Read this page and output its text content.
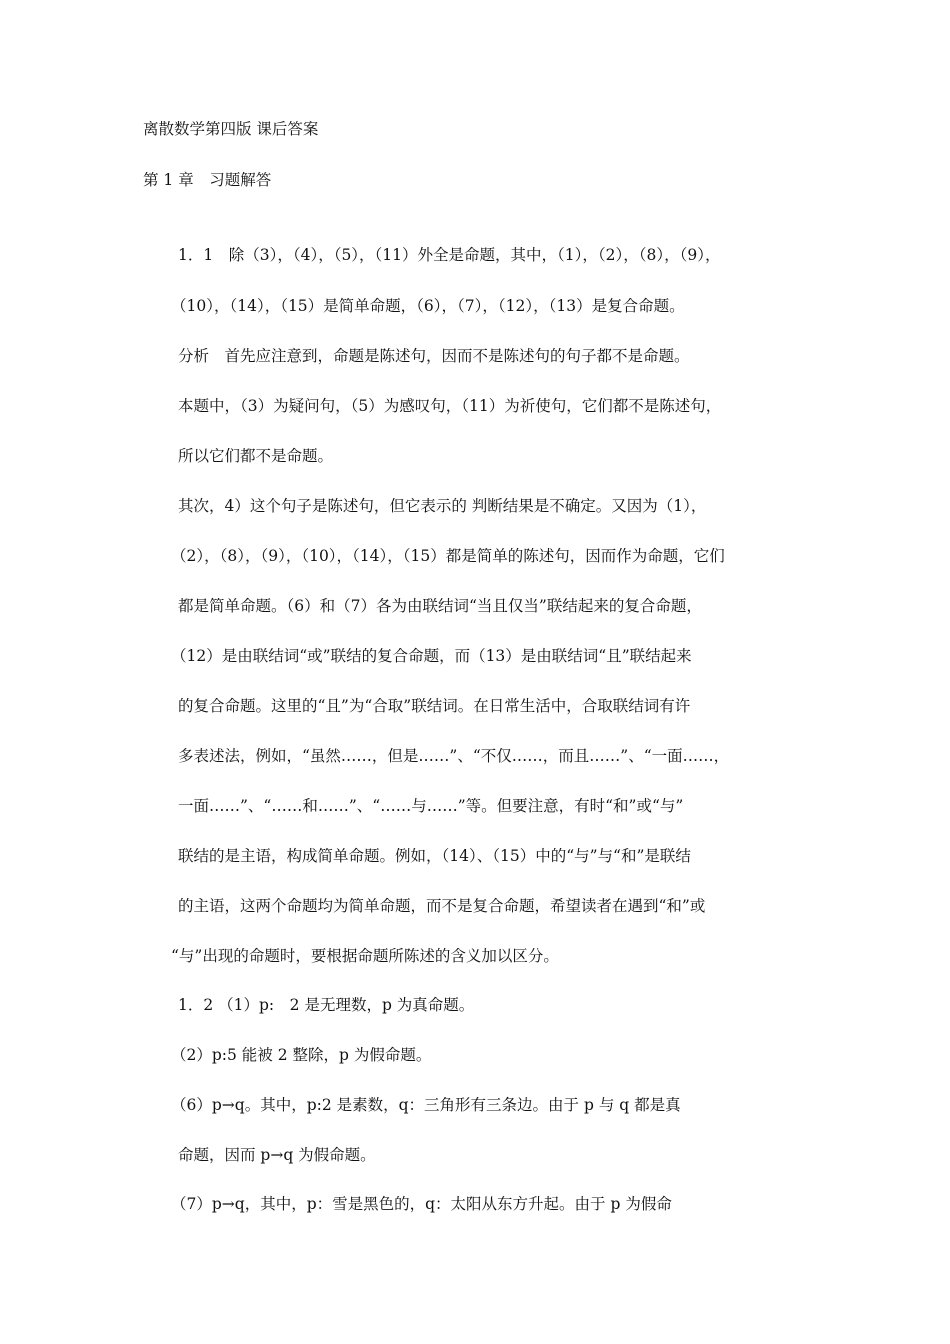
离散数学第四版 课后答案
第 1 章　习题解答
1．1　除（3），（4），（5），（11）外全是命题，其中，（1），（2），（8），（9），
（10），（14），（15）是简单命题，（6），（7），（12），（13）是复合命题。
分析　首先应注意到，命题是陈述句，因而不是陈述句的句子都不是命题。
本题中，（3）为疑问句，（5）为感叹句，（11）为祈使句，它们都不是陈述句，
所以它们都不是命题。
其次，4）这个句子是陈述句，但它表示的 判断结果是不确定。又因为（1），
（2），（8），（9），（10），（14），（15）都是简单的陈述句，因而作为命题，它们
都是简单命题。（6）和（7）各为由联结词“当且仅当”联结起来的复合命题，
（12）是由联结词“或”联结的复合命题，而（13）是由联结词“且”联结起来
的复合命题。这里的“且”为“合取”联结词。在日常生活中，合取联结词有许
多表述法，例如，“虽然……，但是……”、“不仅……，而且……”、“一面……，
一面……”、“……和……”、“……与……”等。但要注意，有时“和”或“与”
联结的是主语，构成简单命题。例如，（14）、（15）中的“与”与“和”是联结
的主语，这两个命题均为简单命题，而不是复合命题，希望读者在遇到“和”或
“与”出现的命题时，要根据命题所陈述的含义加以区分。
1．2 （1）p:　2 是无理数，p 为真命题。
（2）p:5 能被 2 整除，p 为假命题。
（6）p→q。其中，p:2 是素数，q：三角形有三条边。由于 p 与 q 都是真
命题，因而 p→q 为假命题。
（7）p→q，其中，p：雪是黑色的，q：太阳从东方升起。由于 p 为假命
